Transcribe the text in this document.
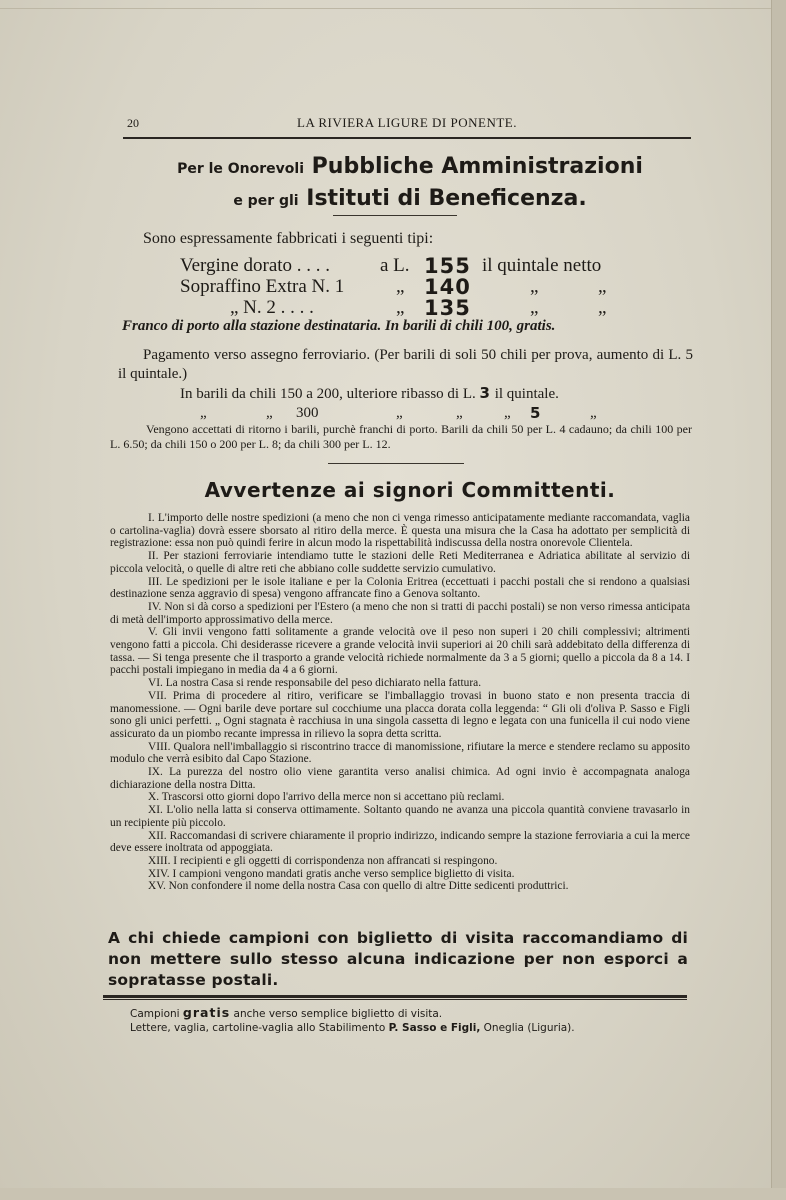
20	LA RIVIERA LIGURE DI PONENTE.
Per le Onorevoli Pubbliche Amministrazioni
e per gli Istituti di Beneficenza.
Sono espressamente fabbricati i seguenti tipi:
Vergine dorato . . . .	a L. 155 il quintale netto
Sopraffino Extra N. 1	„ 140	„	„
„ N. 2 . . . .	„ 135	„	„
Franco di porto alla stazione destinataria. In barili di chili 100, gratis.
Pagamento verso assegno ferroviario. (Per barili di soli 50 chili per prova, aumento di L. 5 il quintale.)
In barili da chili 150 a 200, ulteriore ribasso di L. 3 il quintale.
„	„ 300	„	„	„ 5	„
Vengono accettati di ritorno i barili, purchè franchi di porto. Barili da chili 50 per L. 4 cadauno; da chili 100 per L. 6.50; da chili 150 o 200 per L. 8; da chili 300 per L. 12.
Avvertenze ai signori Committenti.

I. L'importo delle nostre spedizioni (a meno che non ci venga rimesso anticipatamente mediante raccomandata, vaglia o cartolina-vaglia) dovrà essere sborsato al ritiro della merce. È questa una misura che la Casa ha adottato per semplicità di registrazione: essa non può quindi ferire in alcun modo la rispettabilità indiscussa della nostra onorevole Clientela.

II. Per stazioni ferroviarie intendiamo tutte le stazioni delle Reti Mediterranea e Adriatica abilitate al servizio di piccola velocità, o quelle di altre reti che abbiano colle suddette servizio cumulativo.

III. Le spedizioni per le isole italiane e per la Colonia Eritrea (eccettuati i pacchi postali che si rendono a qualsiasi destinazione senza aggravio di spesa) vengono affrancate fino a Genova soltanto.

IV. Non si dà corso a spedizioni per l'Estero (a meno che non si tratti di pacchi postali) se non verso rimessa anticipata di metà dell'importo approssimativo della merce.

V. Gli invii vengono fatti solitamente a grande velocità ove il peso non superi i 20 chili complessivi; altrimenti vengono fatti a piccola. Chi desiderasse ricevere a grande velocità invii superiori ai 20 chili sarà addebitato della differenza di tassa. — Si tenga presente che il trasporto a grande velocità richiede normalmente da 3 a 5 giorni; quello a piccola da 8 a 14. I pacchi postali impiegano in media da 4 a 6 giorni.

VI. La nostra Casa si rende responsabile del peso dichiarato nella fattura.

VII. Prima di procedere al ritiro, verificare se l'imballaggio trovasi in buono stato e non presenta traccia di manomessione. — Ogni barile deve portare sul cocchiume una placca dorata colla leggenda: “ Gli oli d'oliva P. Sasso e Figli sono gli unici perfetti. „ Ogni stagnata è racchiusa in una singola cassetta di legno e legata con una funicella il cui nodo viene assicurato da un piombo recante impressa in rilievo la sopra detta scritta.

VIII. Qualora nell'imballaggio si riscontrino tracce di manomissione, rifiutare la merce e stendere reclamo su apposito modulo che verrà esibito dal Capo Stazione.

IX. La purezza del nostro olio viene garantita verso analisi chimica. Ad ogni invio è accompagnata analoga dichiarazione della nostra Ditta.

X. Trascorsi otto giorni dopo l'arrivo della merce non si accettano più reclami.

XI. L'olio nella latta si conserva ottimamente. Soltanto quando ne avanza una piccola quantità conviene travasarlo in un recipiente più piccolo.

XII. Raccomandasi di scrivere chiaramente il proprio indirizzo, indicando sempre la stazione ferroviaria a cui la merce deve essere inoltrata od appoggiata.

XIII. I recipienti e gli oggetti di corrispondenza non affrancati si respingono.

XIV. I campioni vengono mandati gratis anche verso semplice biglietto di visita.

XV. Non confondere il nome della nostra Casa con quello di altre Ditte sedicenti produttrici.

A chi chiede campioni con biglietto di visita raccomandiamo di non mettere sullo stesso alcuna indicazione per non esporci a sopratasse postali.
Campioni gratis anche verso semplice biglietto di visita.
Lettere, vaglia, cartoline-vaglia allo Stabilimento P. Sasso e Figli, Oneglia (Liguria).
